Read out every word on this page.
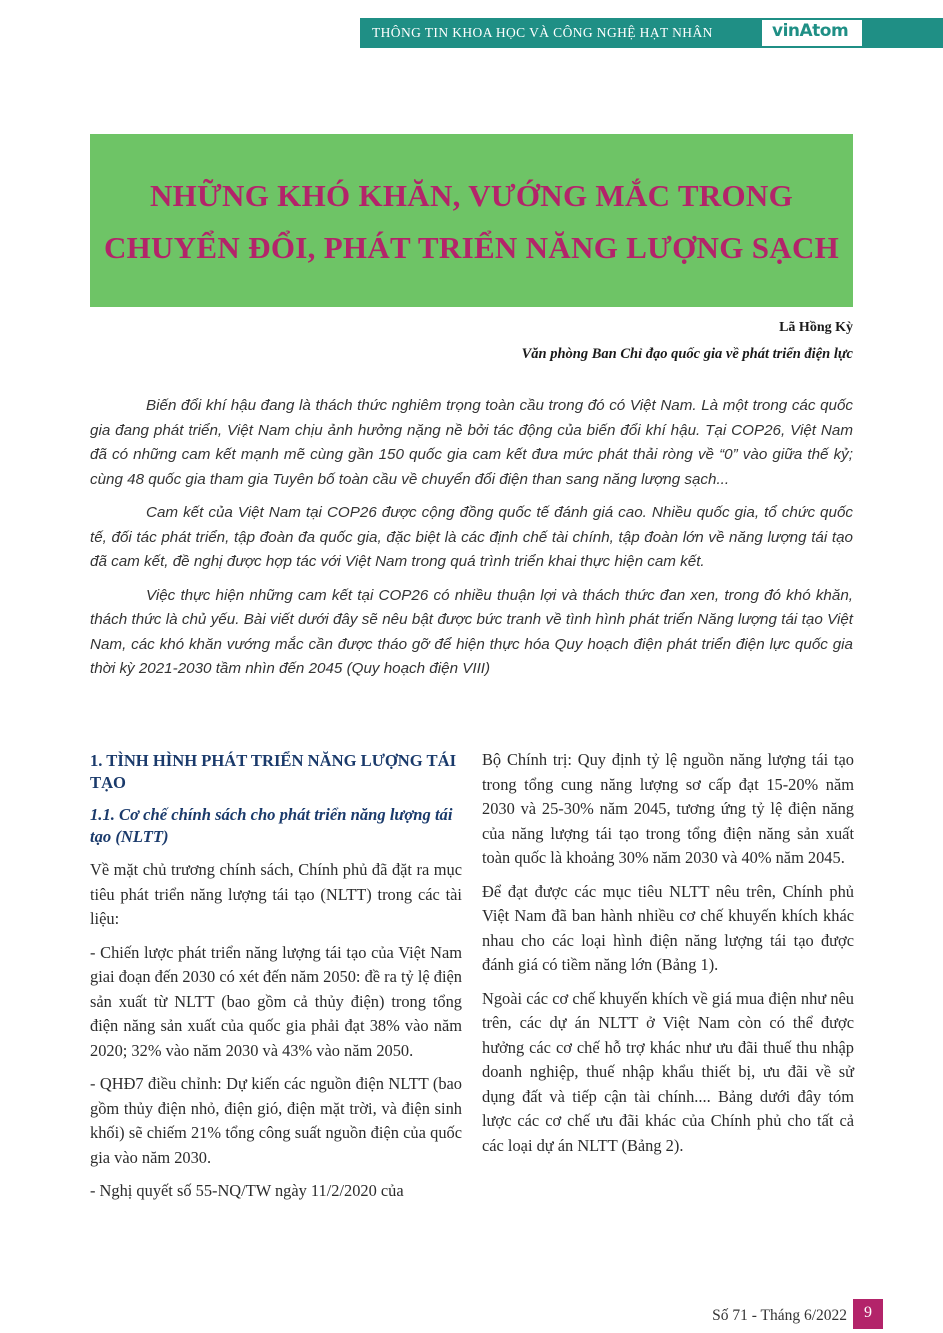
THÔNG TIN KHOA HỌC VÀ CÔNG NGHỆ HẠT NHÂN	vinAtom
NHỮNG KHÓ KHĂN, VƯỚNG MẮC TRONG
CHUYỂN ĐỔI, PHÁT TRIỂN NĂNG LƯỢNG SẠCH
Lã Hồng Kỳ
Văn phòng Ban Chỉ đạo quốc gia về phát triển điện lực

Biến đổi khí hậu đang là thách thức nghiêm trọng toàn cầu trong đó có Việt Nam. Là một trong các quốc gia đang phát triển, Việt Nam chịu ảnh hưởng nặng nề bởi tác động của biến đổi khí hậu. Tại COP26, Việt Nam đã có những cam kết mạnh mẽ cùng gần 150 quốc gia cam kết đưa mức phát thải ròng về “0” vào giữa thế kỷ; cùng 48 quốc gia tham gia Tuyên bố toàn cầu về chuyển đổi điện than sang năng lượng sạch...

Cam kết của Việt Nam tại COP26 được cộng đồng quốc tế đánh giá cao. Nhiều quốc gia, tổ chức quốc tế, đối tác phát triển, tập đoàn đa quốc gia, đặc biệt là các định chế tài chính, tập đoàn lớn về năng lượng tái tạo đã cam kết, đề nghị được hợp tác với Việt Nam trong quá trình triển khai thực hiện cam kết.

Việc thực hiện những cam kết tại COP26 có nhiều thuận lợi và thách thức đan xen, trong đó khó khăn, thách thức là chủ yếu. Bài viết dưới đây sẽ nêu bật được bức tranh về tình hình phát triển Năng lượng tái tạo Việt Nam, các khó khăn vướng mắc cần được tháo gỡ để hiện thực hóa Quy hoạch điện phát triển điện lực quốc gia thời kỳ 2021-2030 tầm nhìn đến 2045 (Quy hoạch điện VIII)

1. TÌNH HÌNH PHÁT TRIỂN NĂNG LƯỢNG TÁI TẠO
1.1. Cơ chế chính sách cho phát triển năng lượng tái tạo (NLTT)

Về mặt chủ trương chính sách, Chính phủ đã đặt ra mục tiêu phát triển năng lượng tái tạo (NLTT) trong các tài liệu:

- Chiến lược phát triển năng lượng tái tạo của Việt Nam giai đoạn đến 2030 có xét đến năm 2050: đề ra tỷ lệ điện sản xuất từ NLTT (bao gồm cả thủy điện) trong tổng điện năng sản xuất của quốc gia phải đạt 38% vào năm 2020; 32% vào năm 2030 và 43% vào năm 2050.

- QHĐ7 điều chỉnh: Dự kiến các nguồn điện NLTT (bao gồm thủy điện nhỏ, điện gió, điện mặt trời, và điện sinh khối) sẽ chiếm 21% tổng công suất nguồn điện của quốc gia vào năm 2030.

- Nghị quyết số 55-NQ/TW ngày 11/2/2020 của

Bộ Chính trị: Quy định tỷ lệ nguồn năng lượng tái tạo trong tổng cung năng lượng sơ cấp đạt 15-20% năm 2030 và 25-30% năm 2045, tương ứng tỷ lệ điện năng của năng lượng tái tạo trong tổng điện năng sản xuất toàn quốc là khoảng 30% năm 2030 và 40% năm 2045.

Để đạt được các mục tiêu NLTT nêu trên, Chính phủ Việt Nam đã ban hành nhiều cơ chế khuyến khích khác nhau cho các loại hình điện năng lượng tái tạo được đánh giá có tiềm năng lớn (Bảng 1).

Ngoài các cơ chế khuyến khích về giá mua điện như nêu trên, các dự án NLTT ở Việt Nam còn có thể được hưởng các cơ chế hỗ trợ khác như ưu đãi thuế thu nhập doanh nghiệp, thuế nhập khẩu thiết bị, ưu đãi về sử dụng đất và tiếp cận tài chính.... Bảng dưới đây tóm lược các cơ chế ưu đãi khác của Chính phủ cho tất cả các loại dự án NLTT (Bảng 2).

Số 71 - Tháng 6/2022	9
